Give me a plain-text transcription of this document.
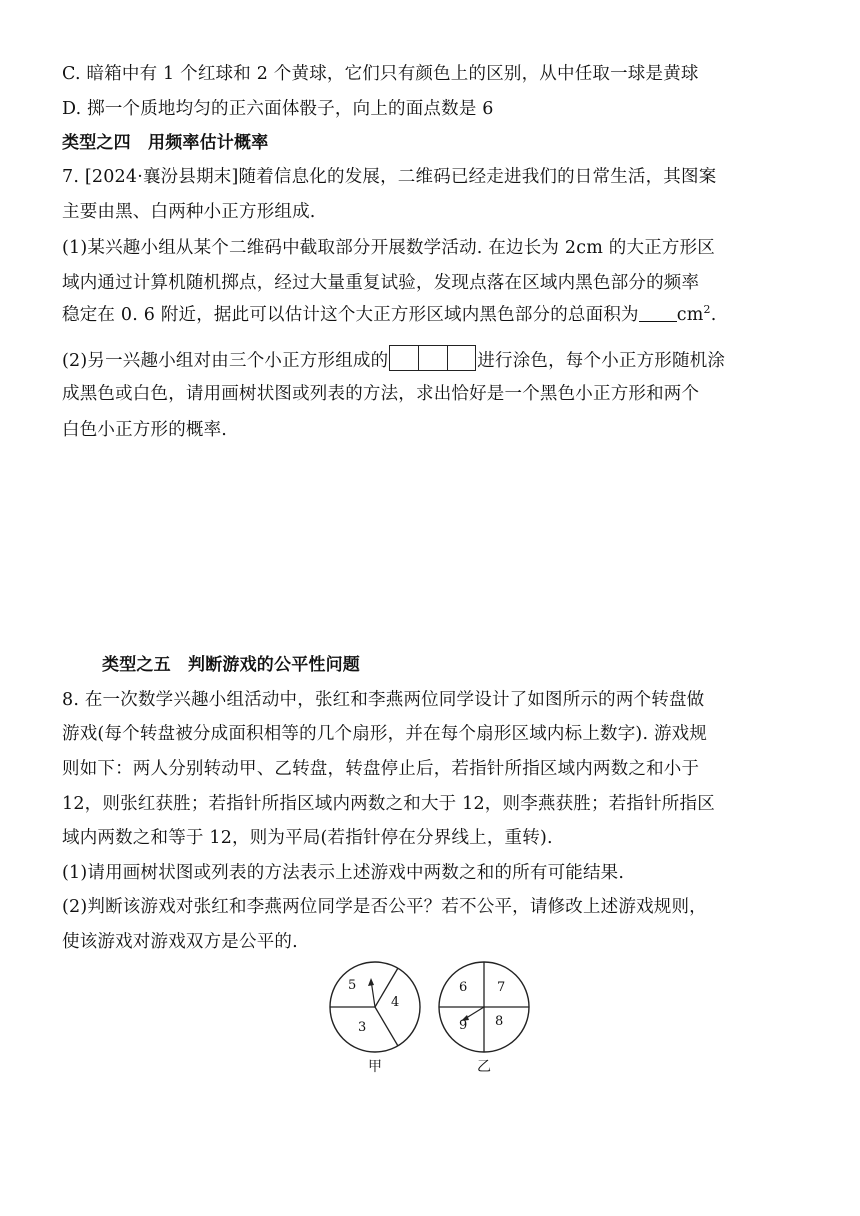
C. 暗箱中有 1 个红球和 2 个黄球，它们只有颜色上的区别，从中任取一球是黄球
D. 掷一个质地均匀的正六面体骰子，向上的面点数是 6
类型之四　用频率估计概率
7. [2024·襄汾县期末]随着信息化的发展，二维码已经走进我们的日常生活，其图案
主要由黑、白两种小正方形组成.
(1)某兴趣小组从某个二维码中截取部分开展数学活动. 在边长为 2cm 的大正方形区
域内通过计算机随机掷点，经过大量重复试验，发现点落在区域内黑色部分的频率
稳定在 0. 6 附近，据此可以估计这个大正方形区域内黑色部分的总面积为 $cm^2$.
(2)另一兴趣小组对由三个小正方形组成的	进行涂色，每个小正方形随机涂
成黑色或白色，请用画树状图或列表的方法，求出恰好是一个黑色小正方形和两个
白色小正方形的概率.
类型之五　判断游戏的公平性问题
8. 在一次数学兴趣小组活动中，张红和李燕两位同学设计了如图所示的两个转盘做
游戏(每个转盘被分成面积相等的几个扇形，并在每个扇形区域内标上数字). 游戏规
则如下：两人分别转动甲、乙转盘，转盘停止后，若指针所指区域内两数之和小于
12，则张红获胜；若指针所指区域内两数之和大于 12，则李燕获胜；若指针所指区
域内两数之和等于 12，则为平局(若指针停在分界线上，重转).
(1)请用画树状图或列表的方法表示上述游戏中两数之和的所有可能结果.
(2)判断该游戏对张红和李燕两位同学是否公平？若不公平，请修改上述游戏规则，
使该游戏对游戏双方是公平的.
5
4
3
甲
6 7
9 8
乙
